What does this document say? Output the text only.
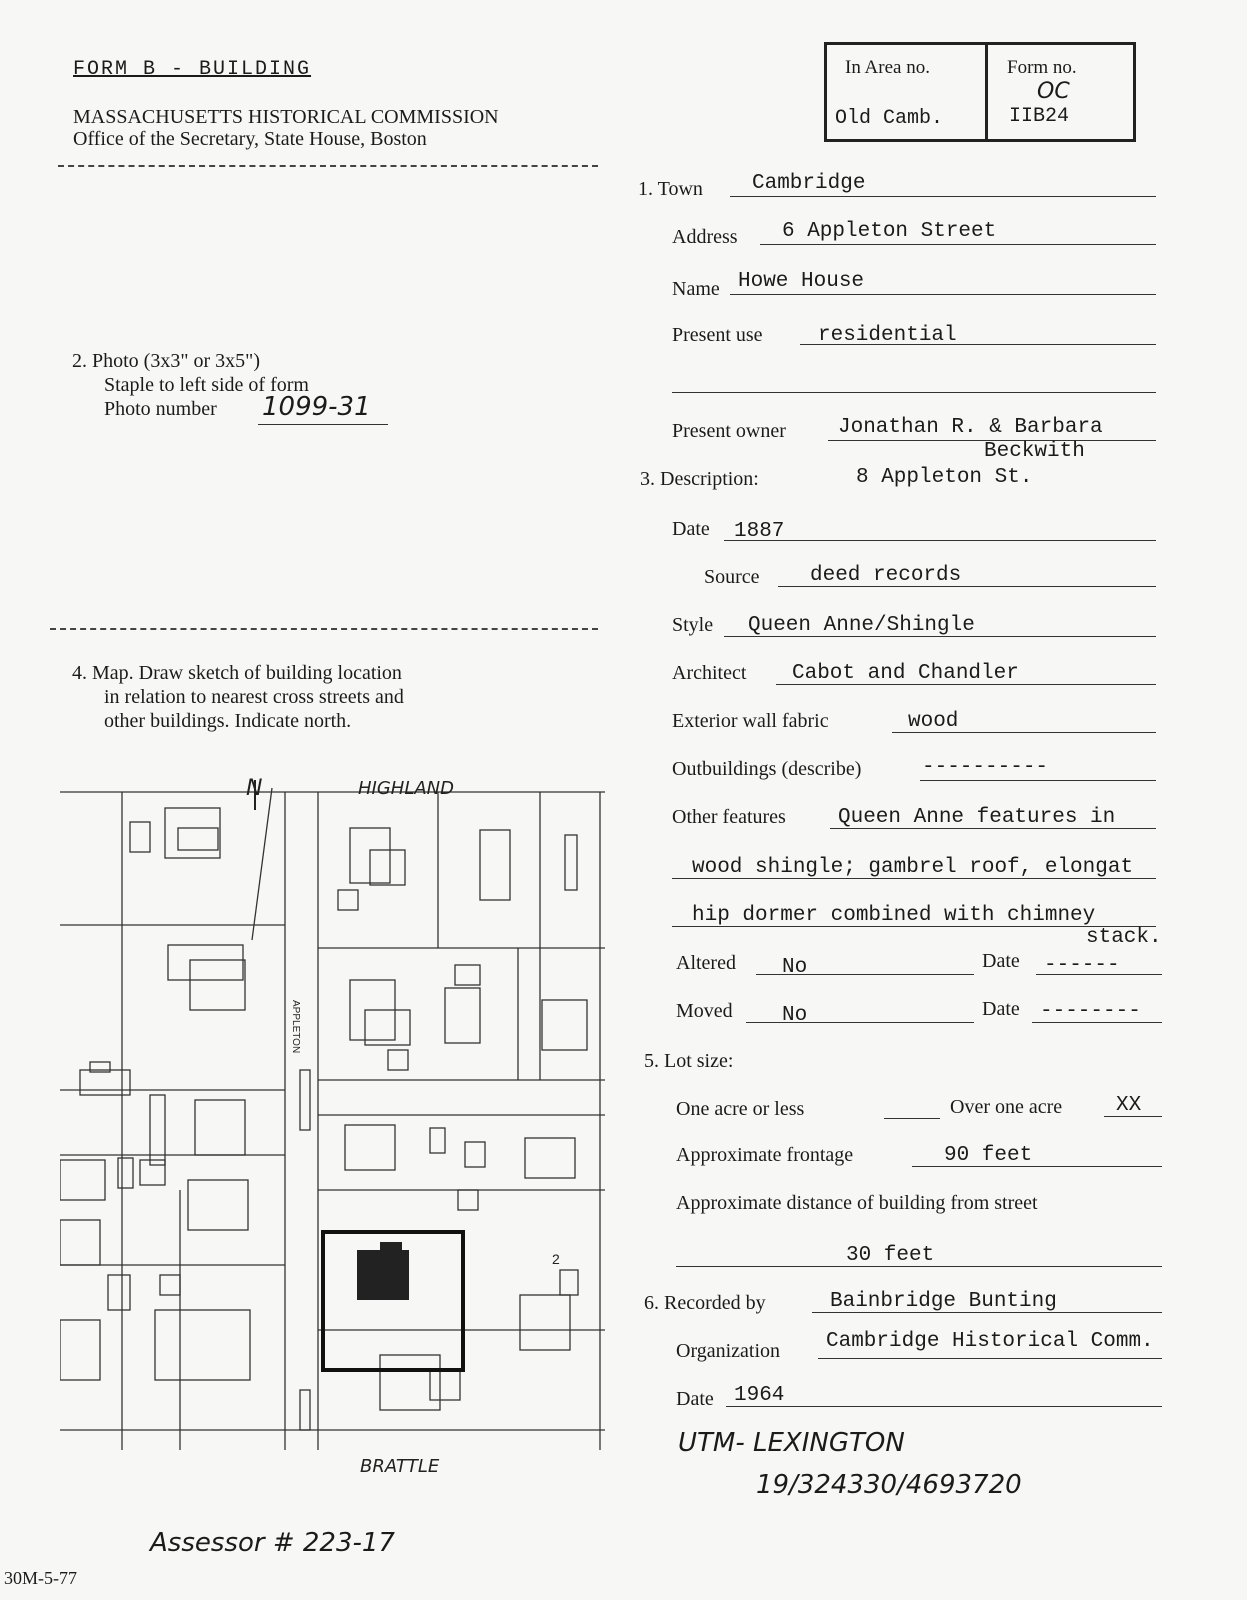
FORM B - BUILDING
MASSACHUSETTS HISTORICAL COMMISSION
Office of the Secretary, State House, Boston
In Area no.
Old Camb.
Form no.
OC
IIB24
2. Photo (3x3" or 3x5")
Staple to left side of form
Photo number 1099-31
4. Map. Draw sketch of building location
in relation to nearest cross streets and
other buildings. Indicate north.
N	HIGHLAND
APPLETON
BRATTLE
2
Assessor # 223-17
30M-5-77
1. Town Cambridge
Address 6 Appleton Street
Name Howe House
Present use	residential
Present owner Jonathan R. & Barbara
Beckwith
3. Description:	8 Appleton St.
Date 1887
Source deed records
Style Queen Anne/Shingle
Architect Cabot and Chandler
Exterior wall fabric	wood
Outbuildings (describe)	----------
Other features Queen Anne features in
wood shingle; gambrel roof, elongat
hip dormer combined with chimney
stack.
Altered No	Date ------
Moved No	Date --------
5. Lot size:
One acre or less	Over one acre	XX
Approximate frontage	90 feet
Approximate distance of building from street
30 feet
6. Recorded by	Bainbridge Bunting
Organization Cambridge Historical Comm.
Date 1964
UTM- LEXINGTON
19/324330/4693720
